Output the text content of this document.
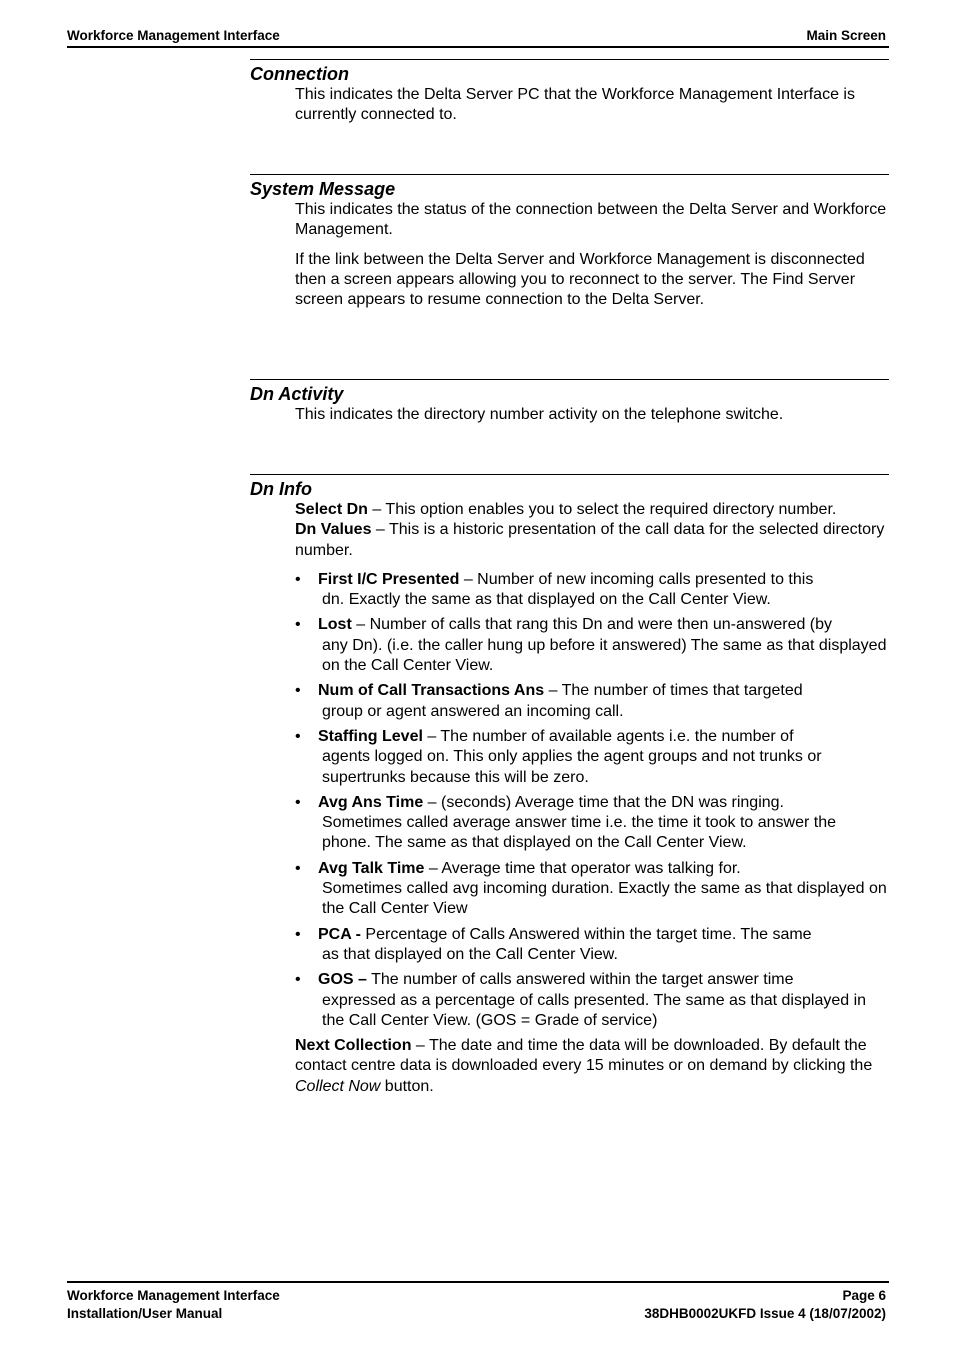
Workforce Management Interface	Main Screen
Connection

This indicates the Delta Server PC that the Workforce Management Interface is currently connected to.

System Message

This indicates the status of the connection between the Delta Server and Workforce Management.

If the link between the Delta Server and Workforce Management is disconnected then a screen appears allowing you to reconnect to the server. The Find Server screen appears to resume connection to the Delta Server.

Dn Activity

This indicates the directory number activity on the telephone switche.

Dn Info

Select Dn – This option enables you to select the required directory number.

Dn Values – This is a historic presentation of the call data for the selected directory number.

• First I/C Presented – Number of new incoming calls presented to this
dn. Exactly the same as that displayed on the Call Center View.
• Lost – Number of calls that rang this Dn and were then un-answered (by

any Dn). (i.e. the caller hung up before it answered) The same as that displayed on the Call Center View.
• Num of Call Transactions Ans – The number of times that targeted

group or agent answered an incoming call.
• Staffing Level – The number of available agents i.e. the number of

agents logged on. This only applies the agent groups and not trunks or supertrunks because this will be zero.
• Avg Ans Time – (seconds) Average time that the DN was ringing.

Sometimes called average answer time i.e. the time it took to answer the phone. The same as that displayed on the Call Center View.
• Avg Talk Time – Average time that operator was talking for.

Sometimes called avg incoming duration. Exactly the same as that displayed on the Call Center View
• PCA - Percentage of Calls Answered within the target time. The same

as that displayed on the Call Center View.
• GOS – The number of calls answered within the target answer time

expressed as a percentage of calls presented. The same as that displayed in the Call Center View. (GOS = Grade of service)

Next Collection – The date and time the data will be downloaded. By default the contact centre data is downloaded every 15 minutes or on demand by clicking the Collect Now button.

Workforce Management Interface
Installation/User Manual
Page 6
38DHB0002UKFD Issue 4 (18/07/2002)
